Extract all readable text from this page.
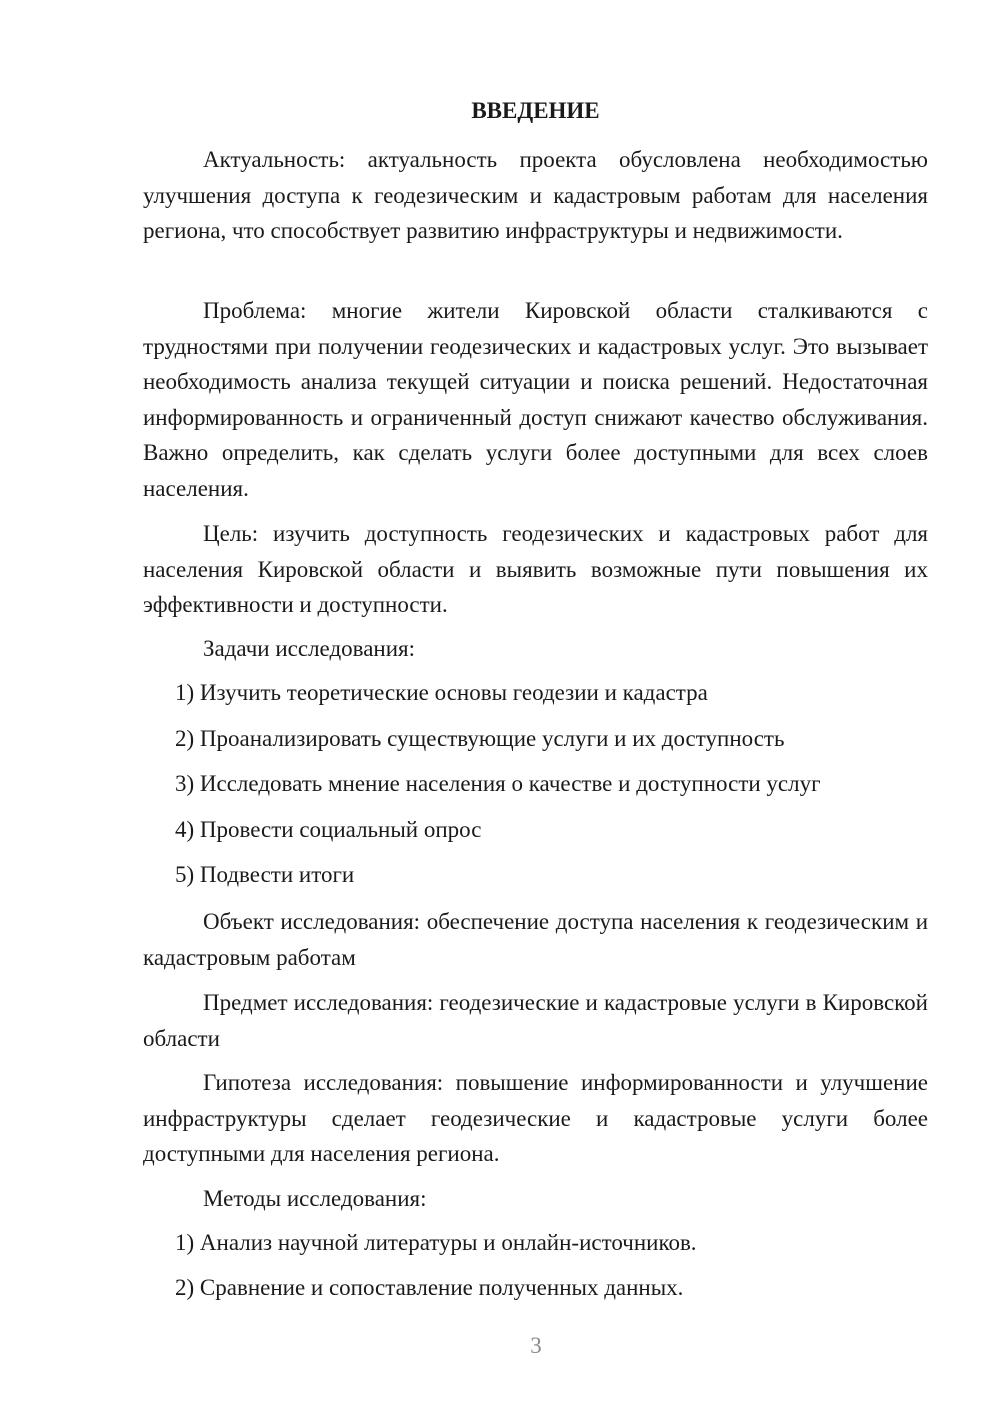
ВВЕДЕНИЕ

Актуальность: актуальность проекта обусловлена необходимостью улучшения доступа к геодезическим и кадастровым работам для населения региона, что способствует развитию инфраструктуры и недвижимости.

Проблема: многие жители Кировской области сталкиваются с трудностями при получении геодезических и кадастровых услуг. Это вызывает необходимость анализа текущей ситуации и поиска решений. Недостаточная информированность и ограниченный доступ снижают качество обслуживания. Важно определить, как сделать услуги более доступными для всех слоев населения.

Цель: изучить доступность геодезических и кадастровых работ для населения Кировской области и выявить возможные пути повышения их эффективности и доступности.

Задачи исследования:

1) Изучить теоретические основы геодезии и кадастра

2) Проанализировать существующие услуги и их доступность

3) Исследовать мнение населения о качестве и доступности услуг

4) Провести социальный опрос

5) Подвести итоги

Объект исследования: обеспечение доступа населения к геодезическим и кадастровым работам

Предмет исследования: геодезические и кадастровые услуги в Кировской области

Гипотеза исследования: повышение информированности и улучшение инфраструктуры сделает геодезические и кадастровые услуги более доступными для населения региона.

Методы исследования:

1) Анализ научной литературы и онлайн-источников.

2) Сравнение и сопоставление полученных данных.

3
